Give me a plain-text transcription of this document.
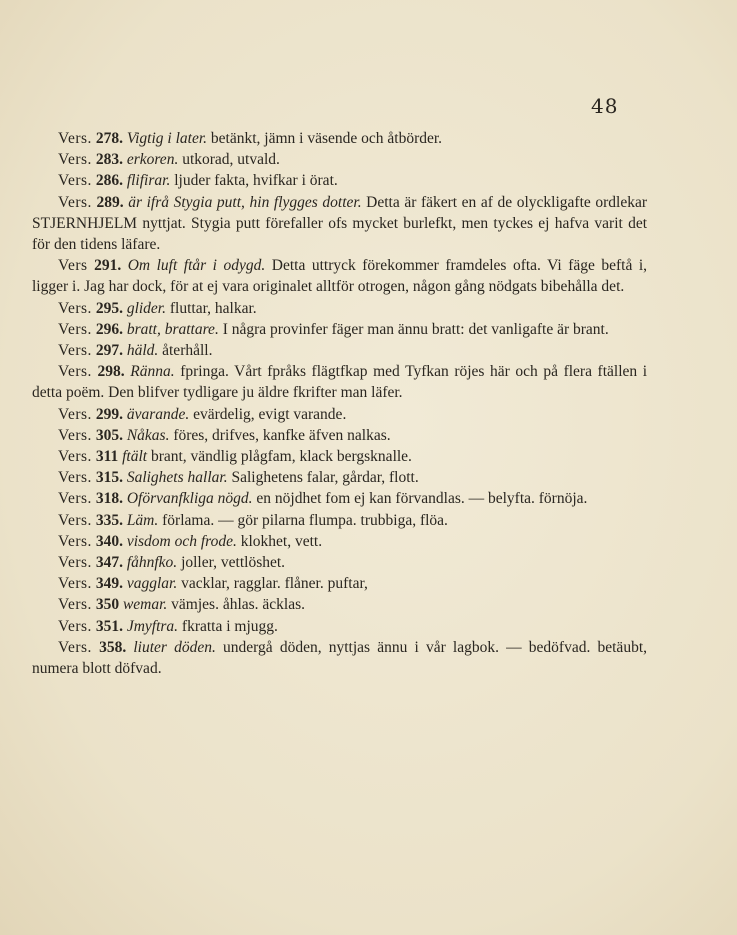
48

Vers. 278. Vigtig i later. betänkt, jämn i väsende och åtbörder.

Vers. 283. erkoren. utkorad, utvald.

Vers. 286. flifirar. ljuder fakta, hvifkar i örat.

Vers. 289. är ifrå Stygia putt, hin flygges dotter. Detta är fäkert en af de olyckligafte ordlekar STJERNHJELM nyttjat. Stygia putt förefaller ofs mycket burlefkt, men tyckes ej hafva varit det för den tidens läfare.

Vers 291. Om luft ftår i odygd. Detta uttryck förekommer framdeles ofta. Vi fäge beftå i, ligger i. Jag har dock, för at ej vara originalet alltför otrogen, någon gång nödgats bibehålla det.

Vers. 295. glider. fluttar, halkar.

Vers. 296. bratt, brattare. I några provinfer fäger man ännu bratt: det vanligafte är brant.

Vers. 297. häld. återhåll.

Vers. 298. Ränna. fpringa. Vårt fpråks flägtfkap med Tyfkan röjes här och på flera ftällen i detta poëm. Den blifver tydligare ju äldre fkrifter man läfer.

Vers. 299. ävarande. evärdelig, evigt varande.

Vers. 305. Nåkas. föres, drifves, kanfke äfven nalkas.

Vers. 311 ftält brant, vändlig plågfam, klack bergsknalle.

Vers. 315. Salighets hallar. Salighetens falar, gårdar, flott.

Vers. 318. Oförvanfkliga nögd. en nöjdhet fom ej kan förvandlas. — belyfta. förnöja.

Vers. 335. Läm. förlama. — gör pilarna flumpa. trubbiga, flöa.

Vers. 340. visdom och frode. klokhet, vett.

Vers. 347. fåhnfko. joller, vettlöshet.

Vers. 349. vagglar. vacklar, ragglar. flåner. puftar,

Vers. 350 wemar. vämjes. åhlas. äcklas.

Vers. 351. Jmyftra. fkratta i mjugg.

Vers. 358. liuter döden. undergå döden, nyttjas ännu i vår lagbok. — bedöfvad. betäubt, numera blott döfvad.
